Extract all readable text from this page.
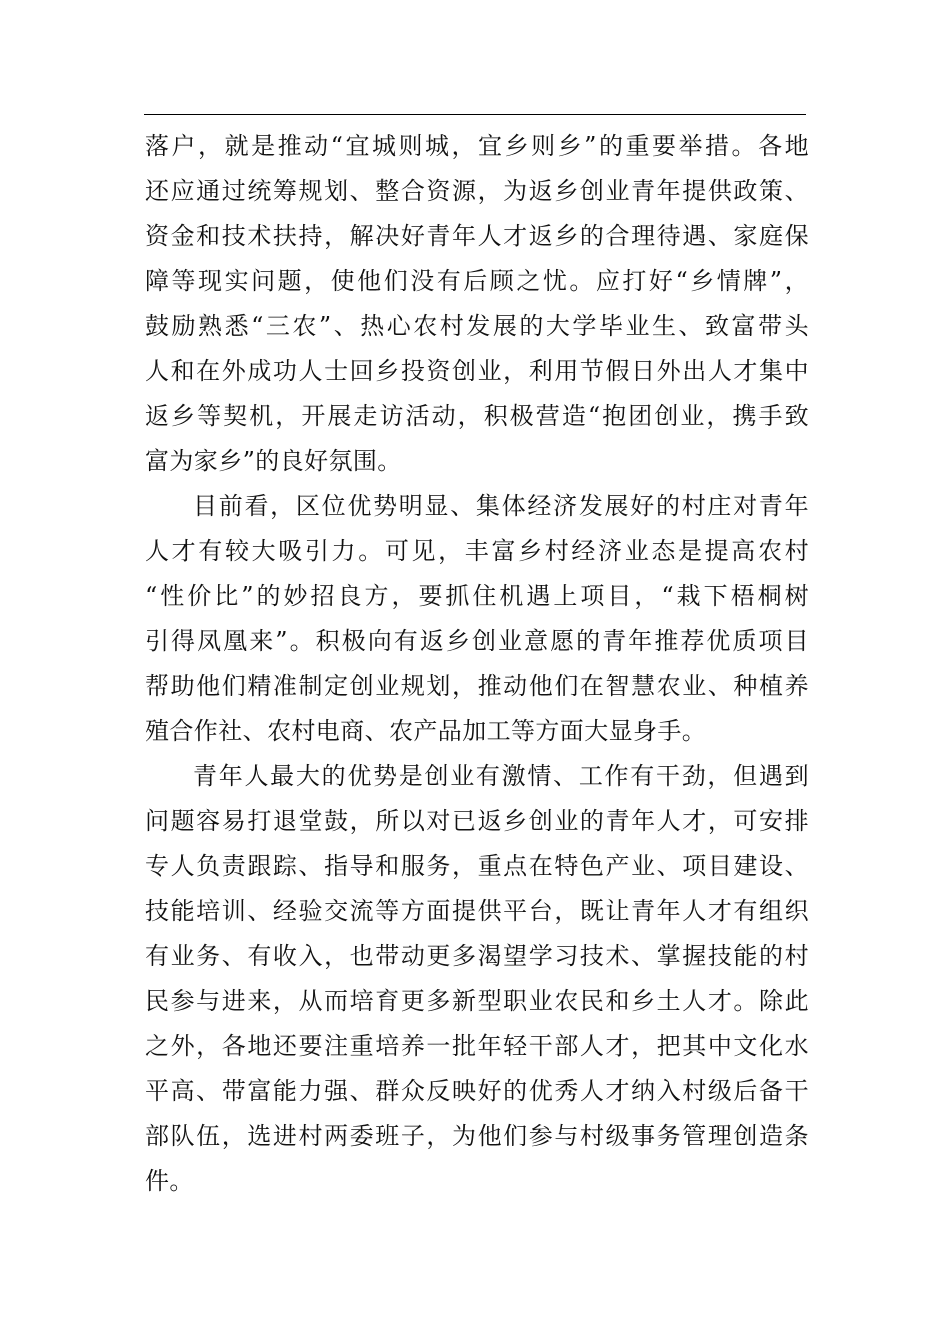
落户，就是推动“宜城则城，宜乡则乡”的重要举措。各地
还应通过统筹规划、整合资源，为返乡创业青年提供政策、
资金和技术扶持，解决好青年人才返乡的合理待遇、家庭保
障等现实问题，使他们没有后顾之忧。应打好“乡情牌”，
鼓励熟悉“三农”、热心农村发展的大学毕业生、致富带头
人和在外成功人士回乡投资创业，利用节假日外出人才集中
返乡等契机，开展走访活动，积极营造“抱团创业，携手致
富为家乡”的良好氛围。
目前看，区位优势明显、集体经济发展好的村庄对青年
人才有较大吸引力。可见，丰富乡村经济业态是提高农村
“性价比”的妙招良方，要抓住机遇上项目，“栽下梧桐树
引得凤凰来”。积极向有返乡创业意愿的青年推荐优质项目
帮助他们精准制定创业规划，推动他们在智慧农业、种植养
殖合作社、农村电商、农产品加工等方面大显身手。
青年人最大的优势是创业有激情、工作有干劲，但遇到
问题容易打退堂鼓，所以对已返乡创业的青年人才，可安排
专人负责跟踪、指导和服务，重点在特色产业、项目建设、
技能培训、经验交流等方面提供平台，既让青年人才有组织
有业务、有收入，也带动更多渴望学习技术、掌握技能的村
民参与进来，从而培育更多新型职业农民和乡土人才。除此
之外，各地还要注重培养一批年轻干部人才，把其中文化水
平高、带富能力强、群众反映好的优秀人才纳入村级后备干
部队伍，选进村两委班子，为他们参与村级事务管理创造条
件。
